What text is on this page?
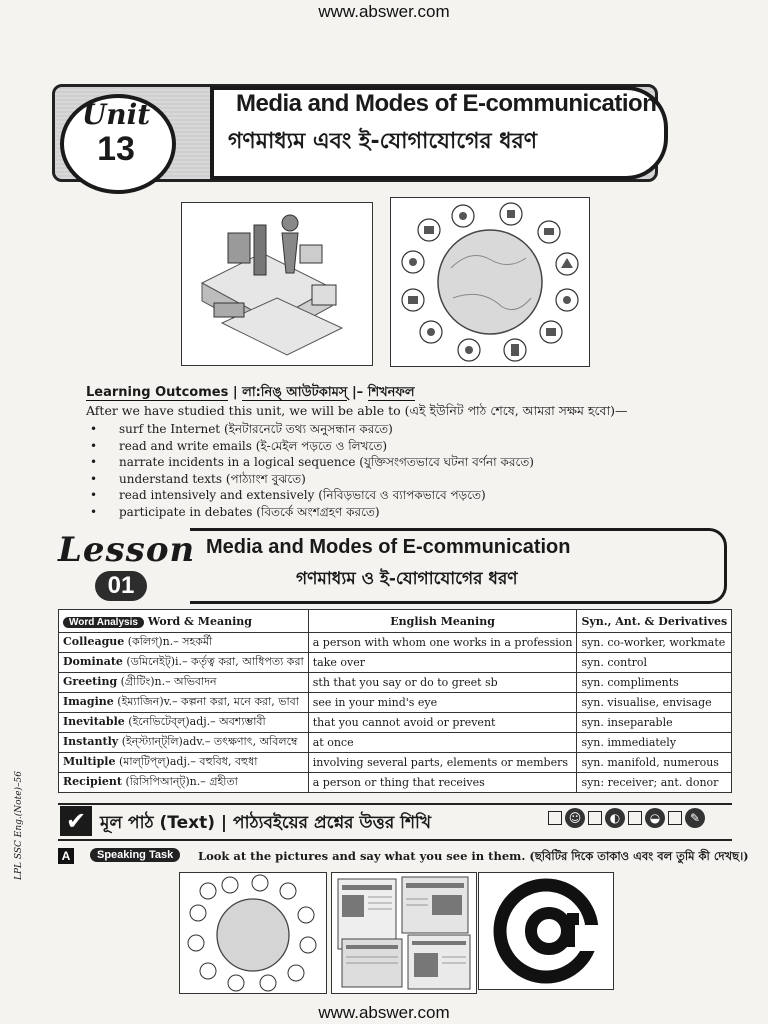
www.abswer.com
Unit
13
Media and Modes of E-communication
গণমাধ্যম এবং ই-যোগাযোগের ধরণ
Learning Outcomes | লা:নিঙ্ আউটকামস্ |– শিখনফল
After we have studied this unit, we will be able to (এই ইউনিট পাঠ শেষে, আমরা সক্ষম হবো)—
• surf the Internet (ইনটারনেটে তথ্য অনুসন্ধান করতে)
• read and write emails (ই-মেইল পড়তে ও লিখতে)
• narrate incidents in a logical sequence (যুক্তিসংগতভাবে ঘটনা বর্ণনা করতে)
• understand texts (পাঠ্যাংশ বুঝতে)
• read intensively and extensively (নিবিড়ভাবে ও ব্যাপকভাবে পড়তে)
• participate in debates (বিতর্কে অংশগ্রহণ করতে)
Lesson
01
Media and Modes of E-communication
গণমাধ্যম ও ই-যোগাযোগের ধরণ
Word Analysis Word & Meaning	English Meaning	Syn., Ant. & Derivatives
Colleague (কলিগ্)n.– সহকর্মী	a person with whom one works in a profession	syn. co-worker, workmate
Dominate (ডমিনেইট্)i.– কর্তৃত্ব করা, আধিপত্য করা	take over	syn. control
Greeting (গ্রীটিং)n.– অভিবাদন	sth that you say or do to greet sb	syn. compliments
Imagine (ইম্যাজিন)v.– কল্পনা করা, মনে করা, ভাবা	see in your mind's eye	syn. visualise, envisage
Inevitable (ইনেভিটেব্ল্)adj.– অবশ্যম্ভাবী	that you cannot avoid or prevent	syn. inseparable
Instantly (ইন্‌স্ট্যান্ট্‌লি)adv.– তৎক্ষণাৎ, অবিলম্বে	at once	syn. immediately
Multiple (মাল্‌টিপ্‌ল্)adj.– বহুবিধ, বহুধা	involving several parts, elements or members	syn. manifold, numerous
Recipient (রিসিপিআন্ট্)n.– গ্রহীতা	a person or thing that receives	syn: receiver; ant. donor
✔ মূল পাঠ (Text) | পাঠ্যবইয়ের প্রশ্নের উত্তর শিখি	☺	◐	◒	✎
A	Speaking Task	Look at the pictures and say what you see in them. (ছবিটির দিকে তাকাও এবং বল তুমি কী দেখছ।)
LPL SSC Eng.(Note)–56
www.abswer.com
